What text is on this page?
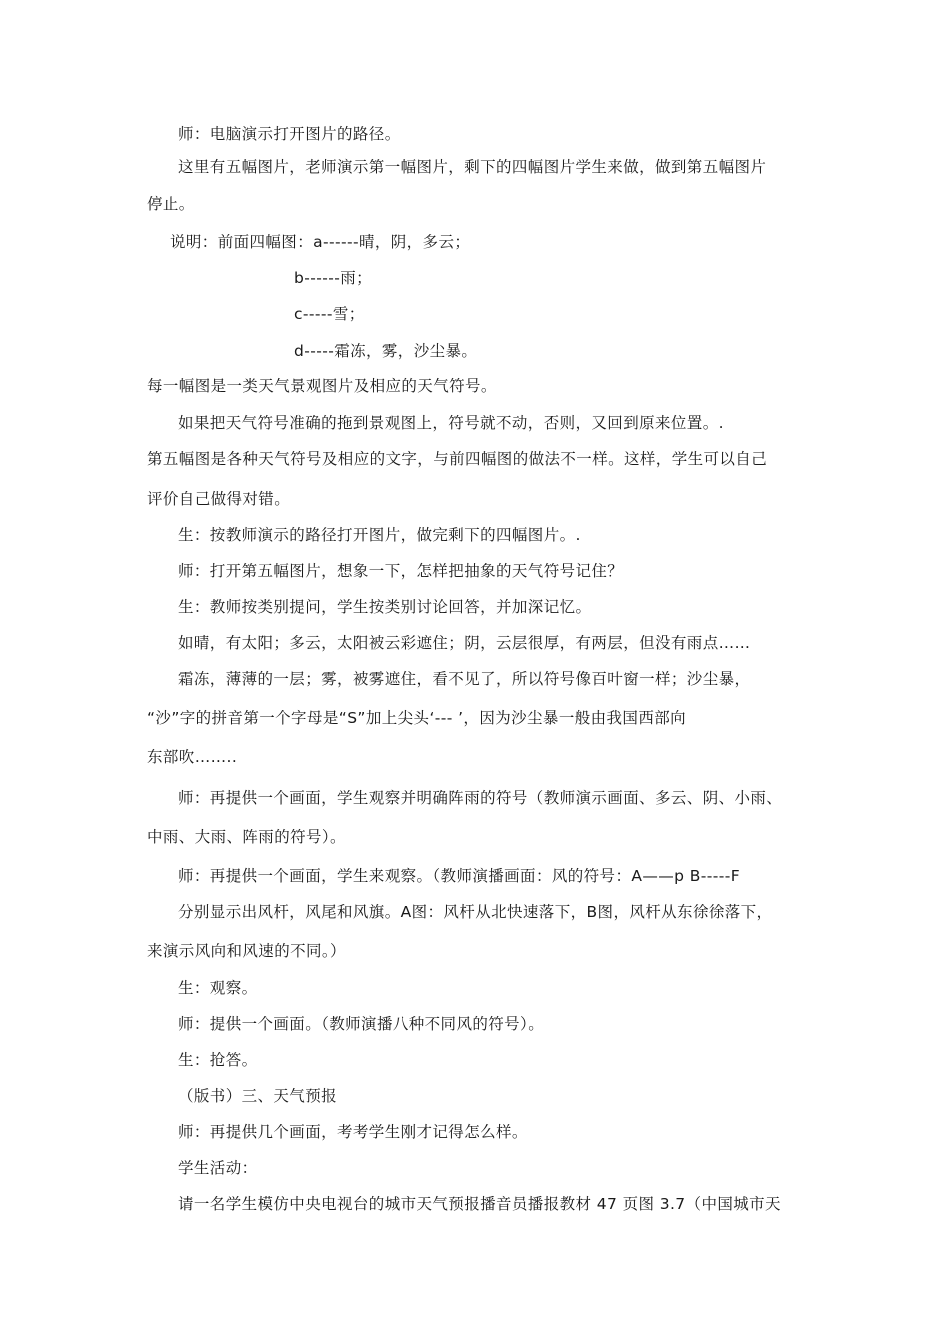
师：电脑演示打开图片的路径。
这里有五幅图片，老师演示第一幅图片，剩下的四幅图片学生来做，做到第五幅图片
停止。
说明：前面四幅图：a------晴，阴，多云；
b------雨；
c-----雪；
d-----霜冻，雾，沙尘暴。
每一幅图是一类天气景观图片及相应的天气符号。
如果把天气符号准确的拖到景观图上，符号就不动，否则，又回到原来位置。.
第五幅图是各种天气符号及相应的文字，与前四幅图的做法不一样。这样，学生可以自己
评价自己做得对错。
生：按教师演示的路径打开图片，做完剩下的四幅图片。.
师：打开第五幅图片，想象一下，怎样把抽象的天气符号记住？
生：教师按类别提问，学生按类别讨论回答，并加深记忆。
如晴，有太阳；多云，太阳被云彩遮住；阴，云层很厚，有两层，但没有雨点……
霜冻，薄薄的一层；雾，被雾遮住，看不见了，所以符号像百叶窗一样；沙尘暴，
“沙”字的拼音第一个字母是“S”加上尖头‘--- ’，因为沙尘暴一般由我国西部向
东部吹……..
师：再提供一个画面，学生观察并明确阵雨的符号（教师演示画面、多云、阴、小雨、
中雨、大雨、阵雨的符号）。
师：再提供一个画面，学生来观察。（教师演播画面：风的符号：A——p B-----F
分别显示出风杆，风尾和风旗。A图：风杆从北快速落下，B图，风杆从东徐徐落下，
来演示风向和风速的不同。）
生：观察。
师：提供一个画面。（教师演播八种不同风的符号）。
生：抢答。
（版书）三、天气预报
师：再提供几个画面，考考学生刚才记得怎么样。
学生活动：
请一名学生模仿中央电视台的城市天气预报播音员播报教材 47 页图 3.7（中国城市天
